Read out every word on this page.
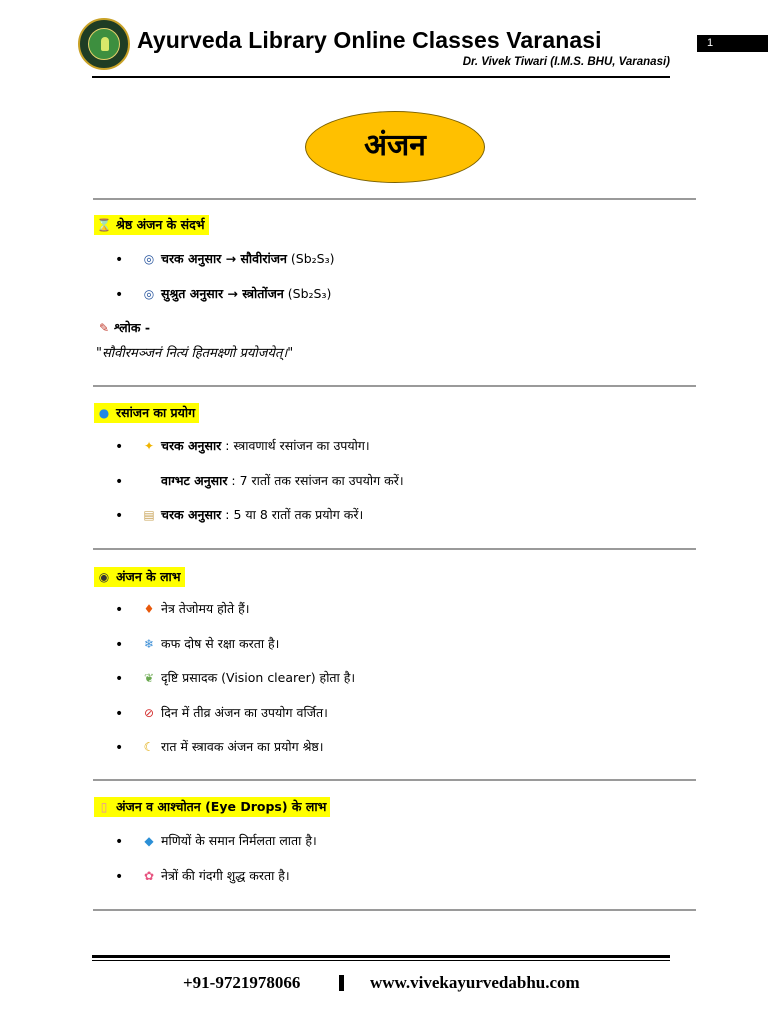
Ayurveda Library Online Classes Varanasi
Dr. Vivek Tiwari (I.M.S. BHU, Varanasi)
1
अंजन
⌛ श्रेष्ठ अंजन के संदर्भ
• ◎ चरक अनुसार → सौवीरांजन (Sb₂S₃)
• ◎ सुश्रुत अनुसार → स्त्रोतोंजन (Sb₂S₃)
✎ श्लोक -
"सौवीरमञ्जनं नित्यं हितमक्ष्णो प्रयोजयेत्।"
● रसांजन का प्रयोग
• ✦ चरक अनुसार : स्त्रावणार्थ रसांजन का उपयोग।
•	वाग्भट अनुसार : 7 रातों तक रसांजन का उपयोग करें।
• ▤ चरक अनुसार : 5 या 8 रातों तक प्रयोग करें।
◉ अंजन के लाभ
• ♦ नेत्र तेजोमय होते हैं।
• ❄ कफ दोष से रक्षा करता है।
• ❦ दृष्टि प्रसादक (Vision clearer) होता है।
• ⊘ दिन में तीव्र अंजन का उपयोग वर्जित।
• ☾ रात में स्त्रावक अंजन का प्रयोग श्रेष्ठ।
▯ अंजन व आश्चोतन (Eye Drops) के लाभ
• ◆ मणियों के समान निर्मलता लाता है।
• ✿ नेत्रों की गंदगी शुद्ध करता है।
+91-9721978066	www.vivekayurvedabhu.com
